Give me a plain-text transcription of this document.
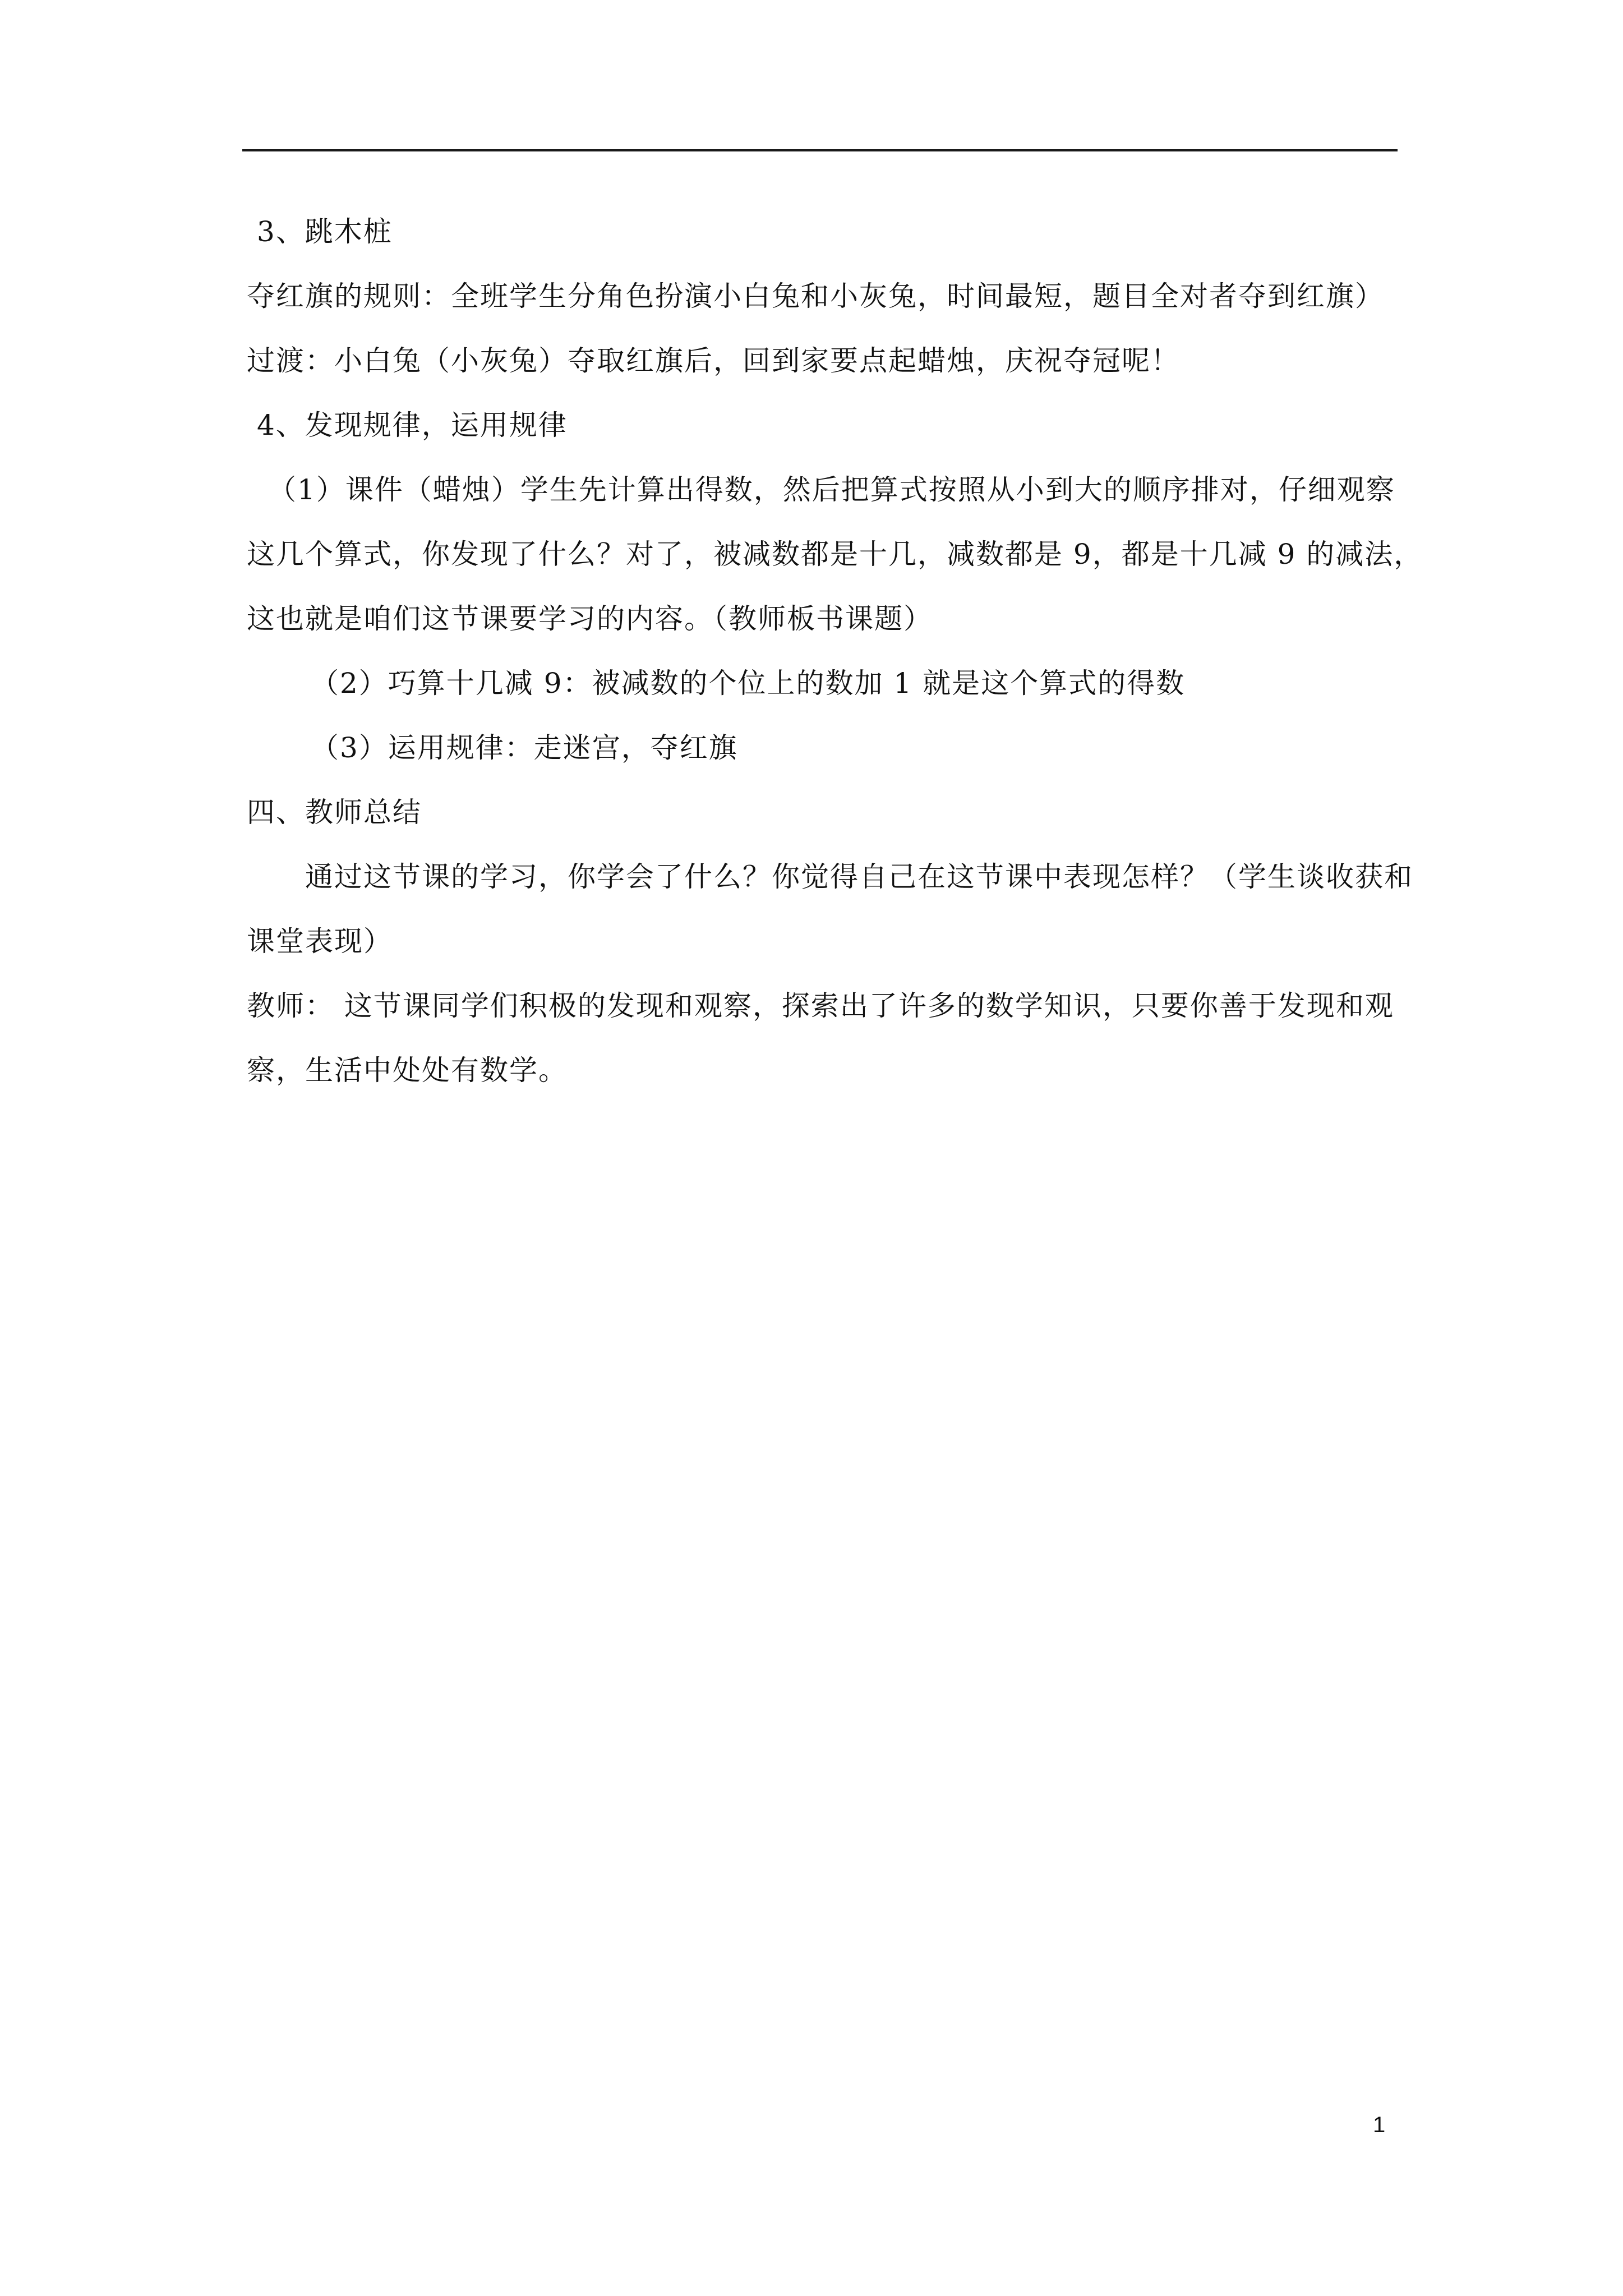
3、跳木桩
夺红旗的规则：全班学生分角色扮演小白兔和小灰兔，时间最短，题目全对者夺到红旗）
过渡：小白兔（小灰兔）夺取红旗后，回到家要点起蜡烛，庆祝夺冠呢！
4、发现规律，运用规律
（1）课件（蜡烛）学生先计算出得数，然后把算式按照从小到大的顺序排对，仔细观察
这几个算式，你发现了什么？对了，被减数都是十几，减数都是 9，都是十几减 9 的减法，
这也就是咱们这节课要学习的内容。（教师板书课题）
（2）巧算十几减 9：被减数的个位上的数加 1 就是这个算式的得数
（3）运用规律：走迷宫，夺红旗
四、教师总结
通过这节课的学习，你学会了什么？你觉得自己在这节课中表现怎样？（学生谈收获和
课堂表现）
教师： 这节课同学们积极的发现和观察，探索出了许多的数学知识，只要你善于发现和观
察，生活中处处有数学。
1
